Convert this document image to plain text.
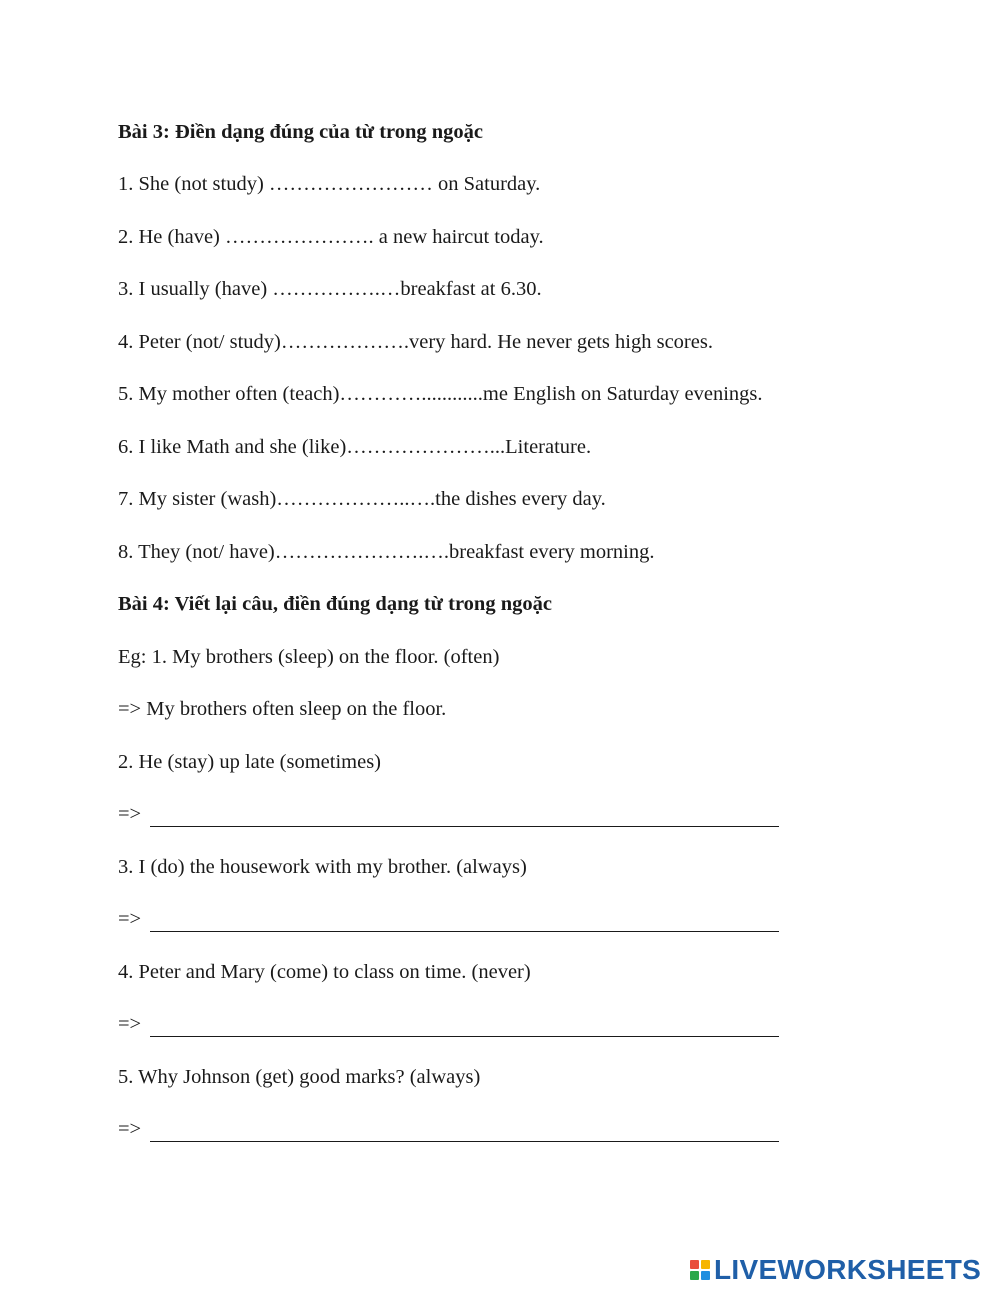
Bài 3: Điền dạng đúng của từ trong ngoặc
1. She (not study) …………………… on Saturday.
2. He (have) …………………. a new haircut today.
3. I usually (have) …………….…breakfast at 6.30.
4. Peter (not/ study)……………….very hard. He never gets high scores.
5. My mother often (teach)…………............me English on Saturday evenings.
6. I like Math and she (like)…………………...Literature.
7. My sister (wash)………………..….the dishes every day.
8. They (not/ have)………………….….breakfast every morning.
Bài 4: Viết lại câu, điền đúng dạng từ trong ngoặc
Eg: 1. My brothers (sleep) on the floor. (often)
=> My brothers often sleep on the floor.
2. He (stay) up late (sometimes)
=>
3. I (do) the housework with my brother. (always)
=>
4. Peter and Mary (come) to class on time. (never)
=>
5. Why Johnson (get) good marks? (always)
=>
LIVEWORKSHEETS
